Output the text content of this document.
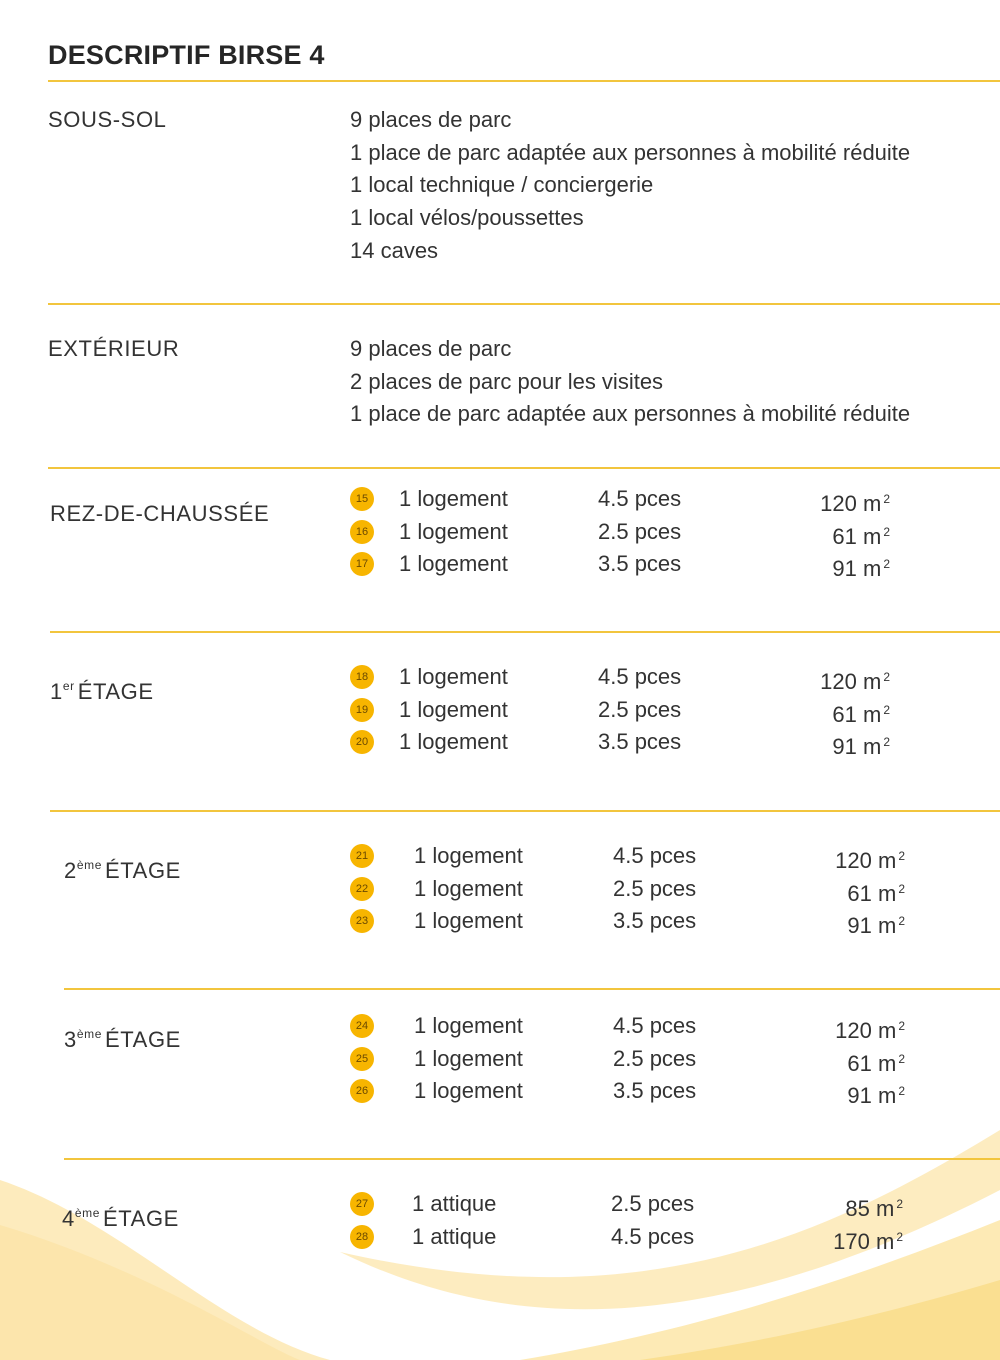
DESCRIPTIF BIRSE 4
SOUS-SOL	9 places de parc
1 place de parc adaptée aux personnes à mobilité réduite
1 local technique / conciergerie
1 local vélos/poussettes
14 caves
EXTÉRIEUR	9 places de parc
2 places de parc pour les visites
1 place de parc adaptée aux personnes à mobilité réduite
REZ-DE-CHAUSSÉE
15 1 logement	4.5 pces	120 m $^2$
16 1 logement	2.5 pces	61 m $^2$
17 1 logement	3.5 pces	91 m $^2$
1er ÉTAGE
18 1 logement	4.5 pces	120 m $^2$
19 1 logement	2.5 pces	61 m $^2$
20 1 logement	3.5 pces	91 m $^2$
2ème ÉTAGE
21 1 logement	4.5 pces	120 m $^2$
22 1 logement	2.5 pces	61 m $^2$
23 1 logement	3.5 pces	91 m $^2$
3ème ÉTAGE
24 1 logement	4.5 pces	120 m $^2$
25 1 logement	2.5 pces	61 m $^2$
26 1 logement	3.5 pces	91 m $^2$
4ème ÉTAGE
27 1 attique	2.5 pces	85 m $^2$
28 1 attique	4.5 pces	170 m $^2$
